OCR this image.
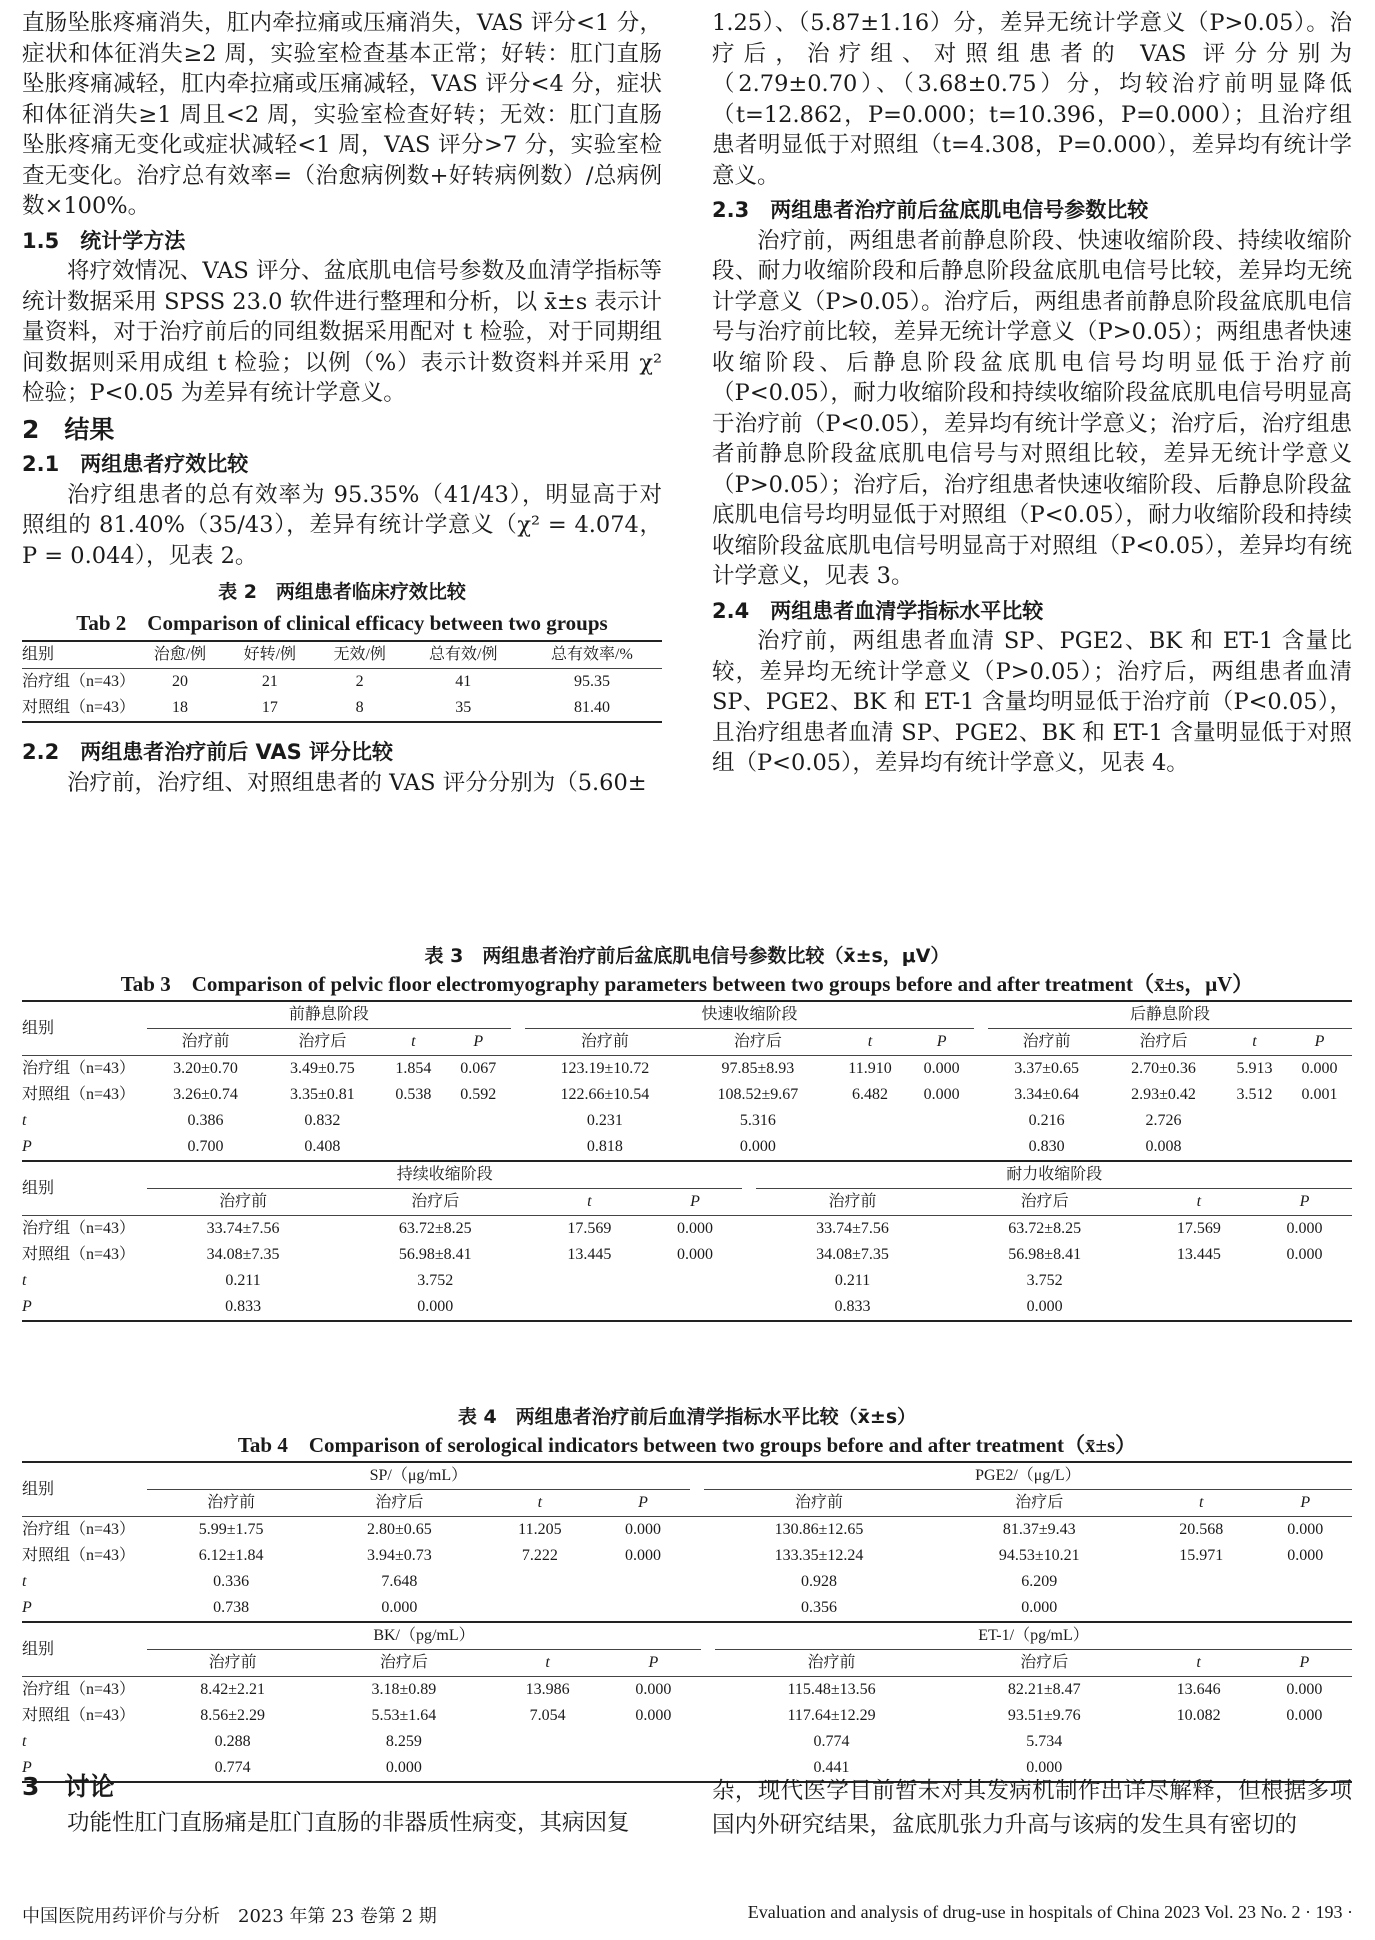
直肠坠胀疼痛消失，肛内牵拉痛或压痛消失，VAS 评分<1 分，症状和体征消失≥2 周，实验室检查基本正常；好转：肛门直肠坠胀疼痛减轻，肛内牵拉痛或压痛减轻，VAS 评分<4 分，症状和体征消失≥1 周且<2 周，实验室检查好转；无效：肛门直肠坠胀疼痛无变化或症状减轻<1 周，VAS 评分>7 分，实验室检查无变化。治疗总有效率=（治愈病例数+好转病例数）/总病例数×100%。

1.5　统计学方法

将疗效情况、VAS 评分、盆底肌电信号参数及血清学指标等统计数据采用 SPSS 23.0 软件进行整理和分析，以 x̄±s 表示计量资料，对于治疗前后的同组数据采用配对 t 检验，对于同期组间数据则采用成组 t 检验；以例（%）表示计数资料并采用 χ² 检验；P<0.05 为差异有统计学意义。

2　结果
2.1　两组患者疗效比较

治疗组患者的总有效率为 95.35%（41/43），明显高于对照组的 81.40%（35/43），差异有统计学意义（χ² = 4.074，P = 0.044），见表 2。

表 2　两组患者临床疗效比较
Tab 2　Comparison of clinical efficacy between two groups
组别	治愈/例	好转/例	无效/例	总有效/例	总有效率/%
治疗组（n=43）	20	21	2	41	95.35
对照组（n=43）	18	17	8	35	81.40
2.2　两组患者治疗前后 VAS 评分比较

治疗前，治疗组、对照组患者的 VAS 评分分别为（5.60±

1.25）、（5.87±1.16）分，差异无统计学意义（P>0.05）。治疗后，治疗组、对照组患者的 VAS 评分分别为（2.79±0.70）、（3.68±0.75）分，均较治疗前明显降低（t=12.862，P=0.000；t=10.396，P=0.000）；且治疗组患者明显低于对照组（t=4.308，P=0.000），差异均有统计学意义。

2.3　两组患者治疗前后盆底肌电信号参数比较

治疗前，两组患者前静息阶段、快速收缩阶段、持续收缩阶段、耐力收缩阶段和后静息阶段盆底肌电信号比较，差异均无统计学意义（P>0.05）。治疗后，两组患者前静息阶段盆底肌电信号与治疗前比较，差异无统计学意义（P>0.05）；两组患者快速收缩阶段、后静息阶段盆底肌电信号均明显低于治疗前（P<0.05），耐力收缩阶段和持续收缩阶段盆底肌电信号明显高于治疗前（P<0.05），差异均有统计学意义；治疗后，治疗组患者前静息阶段盆底肌电信号与对照组比较，差异无统计学意义（P>0.05）；治疗后，治疗组患者快速收缩阶段、后静息阶段盆底肌电信号均明显低于对照组（P<0.05），耐力收缩阶段和持续收缩阶段盆底肌电信号明显高于对照组（P<0.05），差异均有统计学意义，见表 3。

2.4　两组患者血清学指标水平比较

治疗前，两组患者血清 SP、PGE2、BK 和 ET-1 含量比较，差异均无统计学意义（P>0.05）；治疗后，两组患者血清 SP、PGE2、BK 和 ET-1 含量均明显低于治疗前（P<0.05），且治疗组患者血清 SP、PGE2、BK 和 ET-1 含量明显低于对照组（P<0.05），差异均有统计学意义，见表 4。

表 3　两组患者治疗前后盆底肌电信号参数比较（x̄±s，μV）
Tab 3　Comparison of pelvic floor electromyography parameters between two groups before and after treatment（x̄±s，μV）
组别	前静息阶段					快速收缩阶段					后静息阶段			
	治疗前	治疗后	t	P		治疗前	治疗后	t	P		治疗前	治疗后	t	P
治疗组（n=43）	3.20±0.70	3.49±0.75	1.854	0.067		123.19±10.72	97.85±8.93	11.910	0.000		3.37±0.65	2.70±0.36	5.913	0.000
对照组（n=43）	3.26±0.74	3.35±0.81	0.538	0.592		122.66±10.54	108.52±9.67	6.482	0.000		3.34±0.64	2.93±0.42	3.512	0.001
t	0.386	0.832				0.231	5.316				0.216	2.726		
P	0.700	0.408				0.818	0.000				0.830	0.008		
组别	持续收缩阶段					耐力收缩阶段			
	治疗前	治疗后	t	P		治疗前	治疗后	t	P
治疗组（n=43）	33.74±7.56	63.72±8.25	17.569	0.000		33.74±7.56	63.72±8.25	17.569	0.000
对照组（n=43）	34.08±7.35	56.98±8.41	13.445	0.000		34.08±7.35	56.98±8.41	13.445	0.000
t	0.211	3.752				0.211	3.752		
P	0.833	0.000				0.833	0.000		
表 4　两组患者治疗前后血清学指标水平比较（x̄±s）
Tab 4　Comparison of serological indicators between two groups before and after treatment（x̄±s）
组别	SP/（μg/mL）					PGE2/（μg/L）			
	治疗前	治疗后	t	P		治疗前	治疗后	t	P
治疗组（n=43）	5.99±1.75	2.80±0.65	11.205	0.000		130.86±12.65	81.37±9.43	20.568	0.000
对照组（n=43）	6.12±1.84	3.94±0.73	7.222	0.000		133.35±12.24	94.53±10.21	15.971	0.000
t	0.336	7.648				0.928	6.209		
P	0.738	0.000				0.356	0.000		
组别	BK/（pg/mL）					ET-1/（pg/mL）			
	治疗前	治疗后	t	P		治疗前	治疗后	t	P
治疗组（n=43）	8.42±2.21	3.18±0.89	13.986	0.000		115.48±13.56	82.21±8.47	13.646	0.000
对照组（n=43）	8.56±2.29	5.53±1.64	7.054	0.000		117.64±12.29	93.51±9.76	10.082	0.000
t	0.288	8.259				0.774	5.734		
P	0.774	0.000				0.441	0.000		
3　讨论

功能性肛门直肠痛是肛门直肠的非器质性病变，其病因复

杂，现代医学目前暂未对其发病机制作出详尽解释，但根据多项国内外研究结果，盆底肌张力升高与该病的发生具有密切的

中国医院用药评价与分析　2023 年第 23 卷第 2 期	Evaluation and analysis of drug-use in hospitals of China 2023 Vol. 23 No. 2 · 193 ·
